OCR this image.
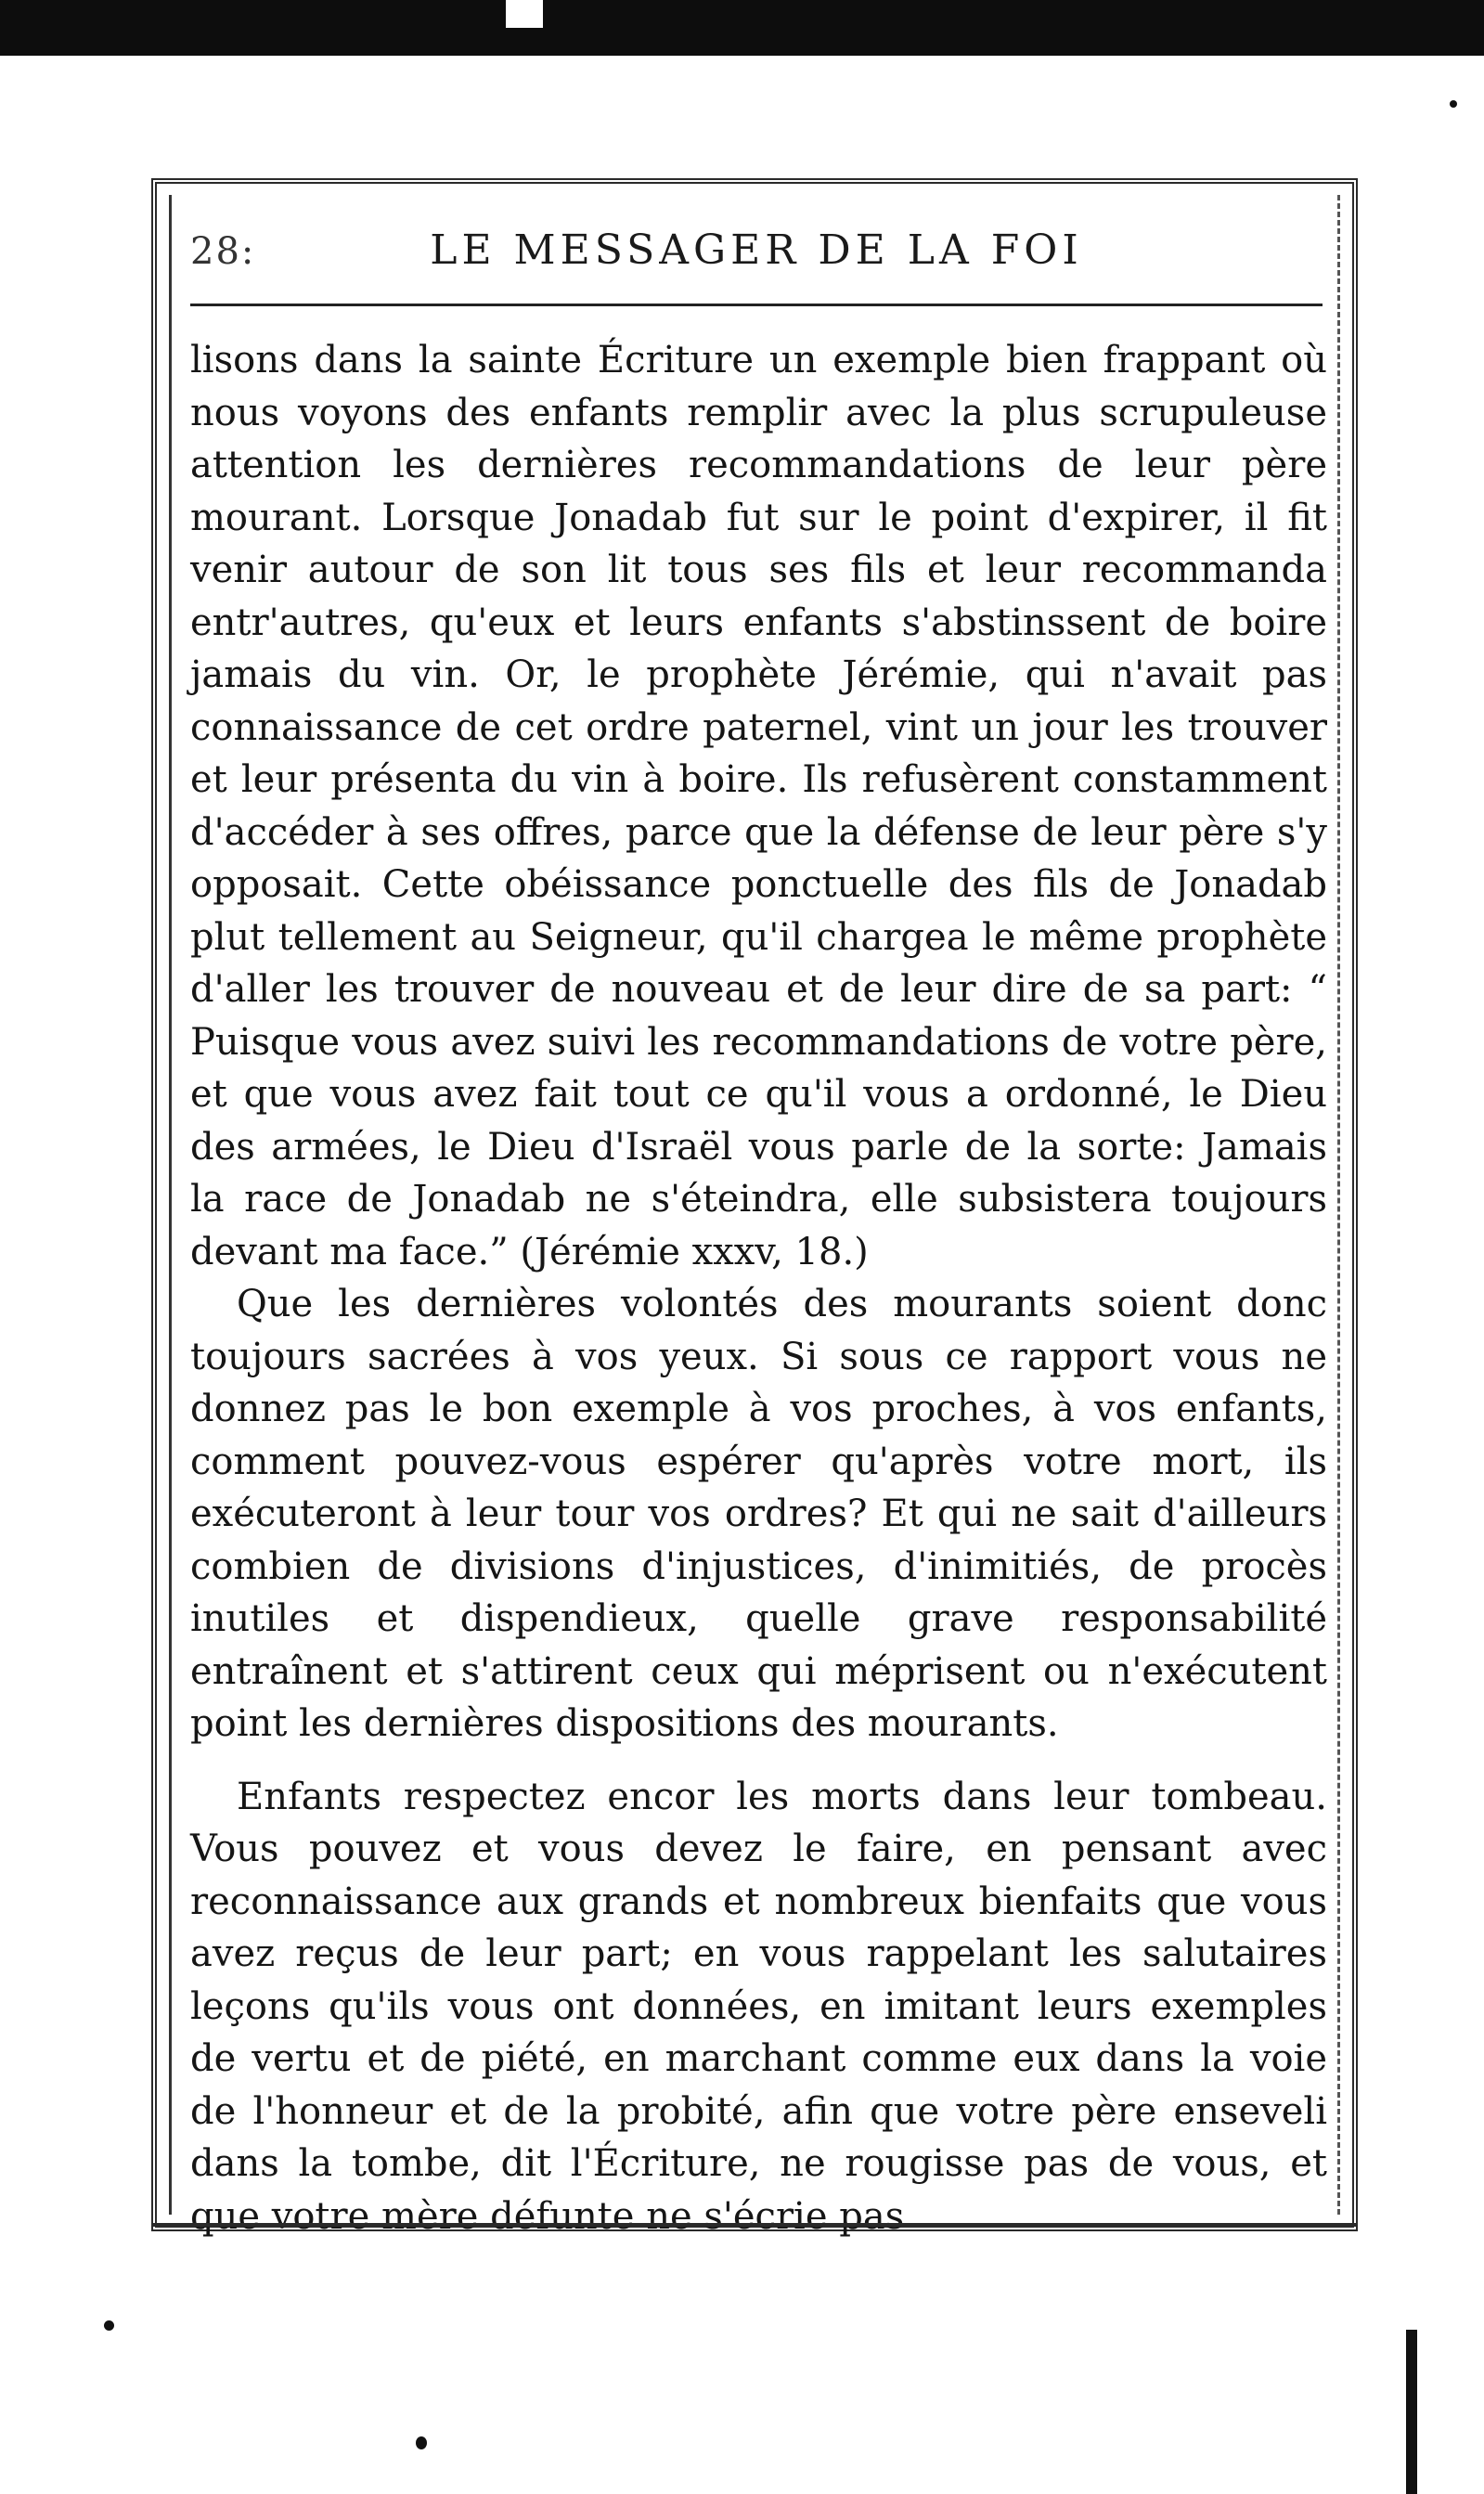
28:	LE MESSAGER DE LA FOI

lisons dans la sainte Écriture un exemple bien frappant où nous voyons des enfants remplir avec la plus scrupuleuse attention les dernières recommandations de leur père mourant. Lorsque Jonadab fut sur le point d'expirer, il fit venir autour de son lit tous ses fils et leur recommanda entr'autres, qu'eux et leurs enfants s'abstinssent de boire jamais du vin. Or, le prophète Jérémie, qui n'avait pas connaissance de cet ordre paternel, vint un jour les trouver et leur présenta du vin à boire. Ils refusèrent constamment d'accéder à ses offres, parce que la défense de leur père s'y opposait. Cette obéissance ponctuelle des fils de Jonadab plut tellement au Seigneur, qu'il chargea le même prophète d'aller les trouver de nouveau et de leur dire de sa part: “ Puisque vous avez suivi les recommandations de votre père, et que vous avez fait tout ce qu'il vous a ordonné, le Dieu des armées, le Dieu d'Israël vous parle de la sorte: Jamais la race de Jonadab ne s'éteindra, elle subsistera toujours devant ma face.” (Jérémie xxxv, 18.)

Que les dernières volontés des mourants soient donc toujours sacrées à vos yeux. Si sous ce rapport vous ne donnez pas le bon exemple à vos proches, à vos enfants, comment pouvez-vous espérer qu'après votre mort, ils exécuteront à leur tour vos ordres? Et qui ne sait d'ailleurs combien de divisions d'injustices, d'inimitiés, de procès inutiles et dispendieux, quelle grave responsabilité entraînent et s'attirent ceux qui méprisent ou n'exécutent point les dernières dispositions des mourants.

Enfants respectez encor les morts dans leur tombeau. Vous pouvez et vous devez le faire, en pensant avec reconnaissance aux grands et nombreux bienfaits que vous avez reçus de leur part; en vous rappelant les salutaires leçons qu'ils vous ont données, en imitant leurs exemples de vertu et de piété, en marchant comme eux dans la voie de l'honneur et de la probité, afin que votre père enseveli dans la tombe, dit l'Écriture, ne rougisse pas de vous, et que votre mère défunte ne s'écrie pas
